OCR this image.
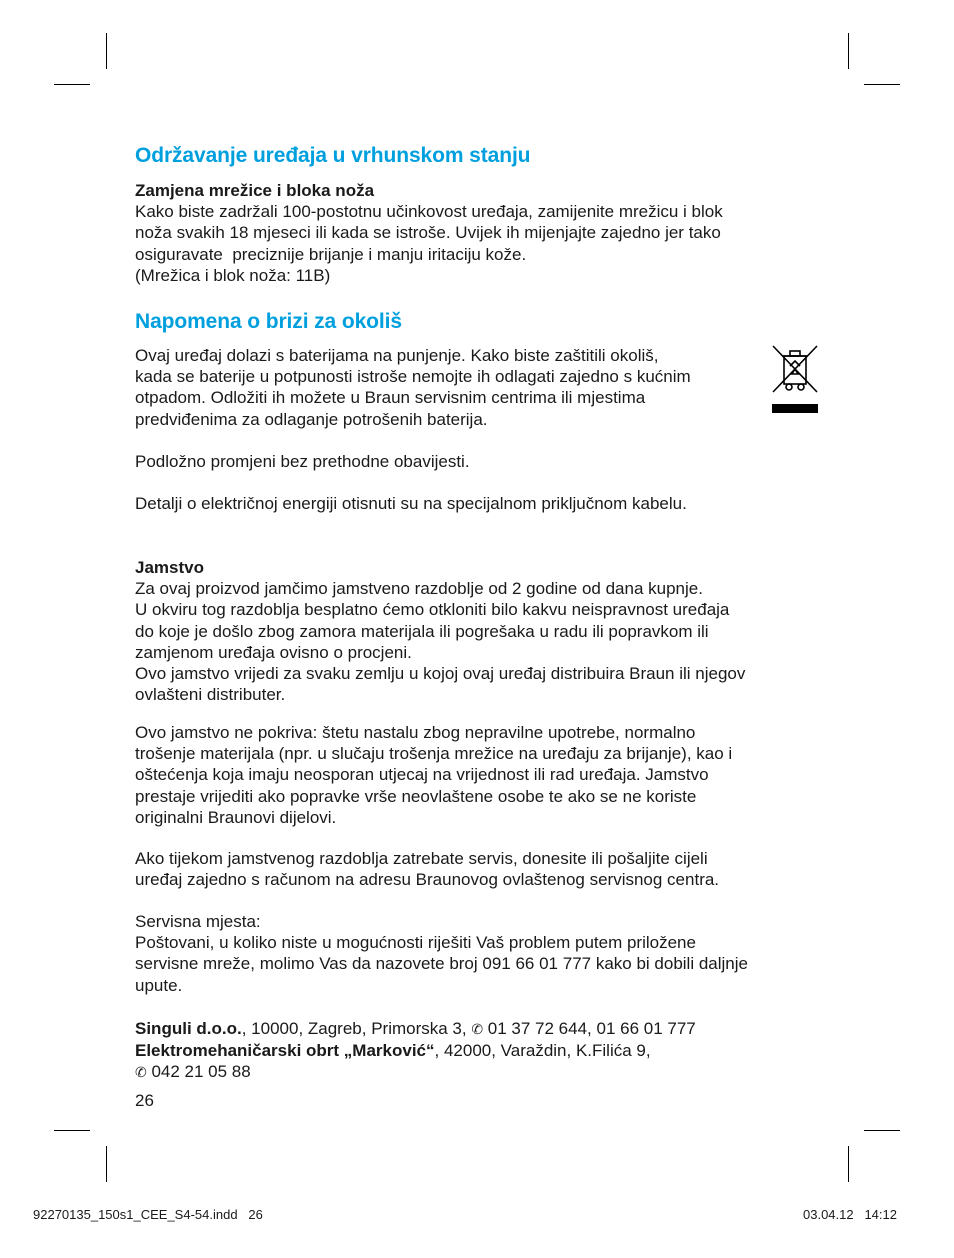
Održavanje uređaja u vrhunskom stanju
Zamjena mrežice i bloka noža
Kako biste zadržali 100-postotnu učinkovost uređaja, zamijenite mrežicu i blok
noža svakih 18 mjeseci ili kada se istroše. Uvijek ih mijenjajte zajedno jer tako
osiguravate  preciznije brijanje i manju iritaciju kože.
(Mrežica i blok noža: 11B)
Napomena o brizi za okoliš
Ovaj uređaj dolazi s baterijama na punjenje. Kako biste zaštitili okoliš,
kada se baterije u potpunosti istroše nemojte ih odlagati zajedno s kućnim
otpadom. Odložiti ih možete u Braun servisnim centrima ili mjestima
predviđenima za odlaganje potrošenih baterija.
Podložno promjeni bez prethodne obavijesti.
Detalji o električnoj energiji otisnuti su na specijalnom priključnom kabelu.
Jamstvo
Za ovaj proizvod jamčimo jamstveno razdoblje od 2 godine od dana kupnje.
U okviru tog razdoblja besplatno ćemo otkloniti bilo kakvu neispravnost uređaja
do koje je došlo zbog zamora materijala ili pogrešaka u radu ili popravkom ili
zamjenom uređaja ovisno o procjeni.
Ovo jamstvo vrijedi za svaku zemlju u kojoj ovaj uređaj distribuira Braun ili njegov
ovlašteni distributer.
Ovo jamstvo ne pokriva: štetu nastalu zbog nepravilne upotrebe, normalno
trošenje materijala (npr. u slučaju trošenja mrežice na uređaju za brijanje), kao i
oštećenja koja imaju neosporan utjecaj na vrijednost ili rad uređaja. Jamstvo
prestaje vrijediti ako popravke vrše neovlaštene osobe te ako se ne koriste
originalni Braunovi dijelovi.
Ako tijekom jamstvenog razdoblja zatrebate servis, donesite ili pošaljite cijeli
uređaj zajedno s računom na adresu Braunovog ovlaštenog servisnog centra.
Servisna mjesta:
Poštovani, u koliko niste u mogućnosti riješiti Vaš problem putem priložene
servisne mreže, molimo Vas da nazovete broj 091 66 01 777 kako bi dobili daljnje
upute.
Singuli d.o.o., 10000, Zagreb, Primorska 3, ✆ 01 37 72 644, 01 66 01 777
Elektromehaničarski obrt „Marković“, 42000, Varaždin, K.Filića 9,
✆ 042 21 05 88
26
92270135_150s1_CEE_S4-54.indd   26	03.04.12   14:12
